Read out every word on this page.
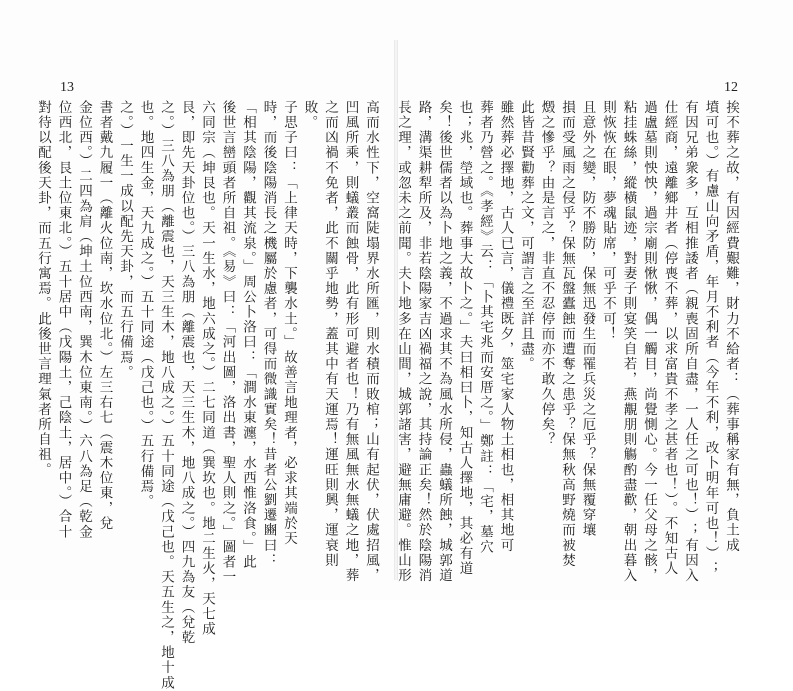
13
高而水性下，空窩陡塌界水所匯，則水積而敗棺；山有起伏，伏處招風，
凹風所乘，則蟻叢而蝕骨，此有形可避者也！乃有無風無水無蟻之地，葬
之而凶禍不免者，此不關乎地勢，蓋其中有天運焉！運旺則興，運衰則
敗。
子思子曰：「上律天時，下襲水土。」故善言地理者，必求其端於天
時，而後陰陽消長之機屬於慮者，可得而微識實矣！昔者公劉遷豳曰：
「相其陰陽，觀其流泉。」周公卜洛曰：「澗水東瀍，水西惟洛食。」此
後世言巒頭者所自祖。《易》曰：「河出圖，洛出書，聖人則之。」圖者一
六同宗（坤艮也。天一生水，地六成之。）二七同道（巽坎也。地二生火，天七成
艮，即先天卦位也。）三八為朋（離震也，天三生木，地八成之。）四九為友（兌乾
之。）三八為朋（離震也，天三生木，地八成之。）五十同途（戊己也。天五生之，地十成
也。地四生金，天九成之。）五十同途（戊己也。）五行備焉。
之。）一生一成以配先天卦，而五行備焉。
書者戴九履一（離火位南，坎水位北。）左三右七（震木位東，兌
金位西。）二四為肩（坤土位西南，巽木位東南。）六八為足（乾金
位西北，艮土位東北。）五十居中（戊陽土，己陰土，居中。）合十
對待以配後天卦，而五行寓焉。此後世言理氣者所自祖。
12
挨不葬之故，有因經費艱難，財力不給者：（葬事稱家有無，負土成
墳可也。）有慮山向矛盾，年月不利者（今年不利，改卜明年可也！）；
有因兄弟衆多，互相推諉者（親喪固所自盡，一人任之可也！）；有因入
仕經商，遠離鄉井者（停喪不葬，以求富貴不孝之甚者也！）。不知古人
過盧墓則怏怏，過宗廟則愀愀，偶一觸目，尚覺惻心。今一任父母之骸，
粘挂蛛絲，縱橫鼠迹，對妻子則宴笑自若，燕覯朋則觴酌盡歡，朝出暮入
則恢恢在眼，夢魂貼席，可乎不可！
且意外之變，防不勝防，保無迅發生而罹兵災之厄乎？保無覆穿壤
損而受風雨之侵乎？保無瓦盤蠹蝕而遭奪之患乎？保無秋高野燒而被焚
燬之慘乎？由是言之，非直不忍停而亦不敢久停矣？
此皆昔賢勸葬之文，可謂言之至詳且盡。
雖然葬必擇地，古人已言，儀禮既夕，筮宅家人物土相也，相其地可
葬者乃營之。《孝經》云：「卜其宅兆而安厝之。」鄭註：「宅，墓穴
也；兆，塋域也。葬事大故卜之。」夫曰相曰卜，知古人擇地，其必有道
矣！後世儒者以為卜地之義，不過求其不為風水所侵，蟲蟻所蝕，城郭道
路，溝渠耕犁所及，非若陰陽家吉凶禍福之說，其持論正矣！然於陰陽消
長之理，或忽未之前聞。夫卜地多在山間，城郭諸害，避無庸避。惟山形
